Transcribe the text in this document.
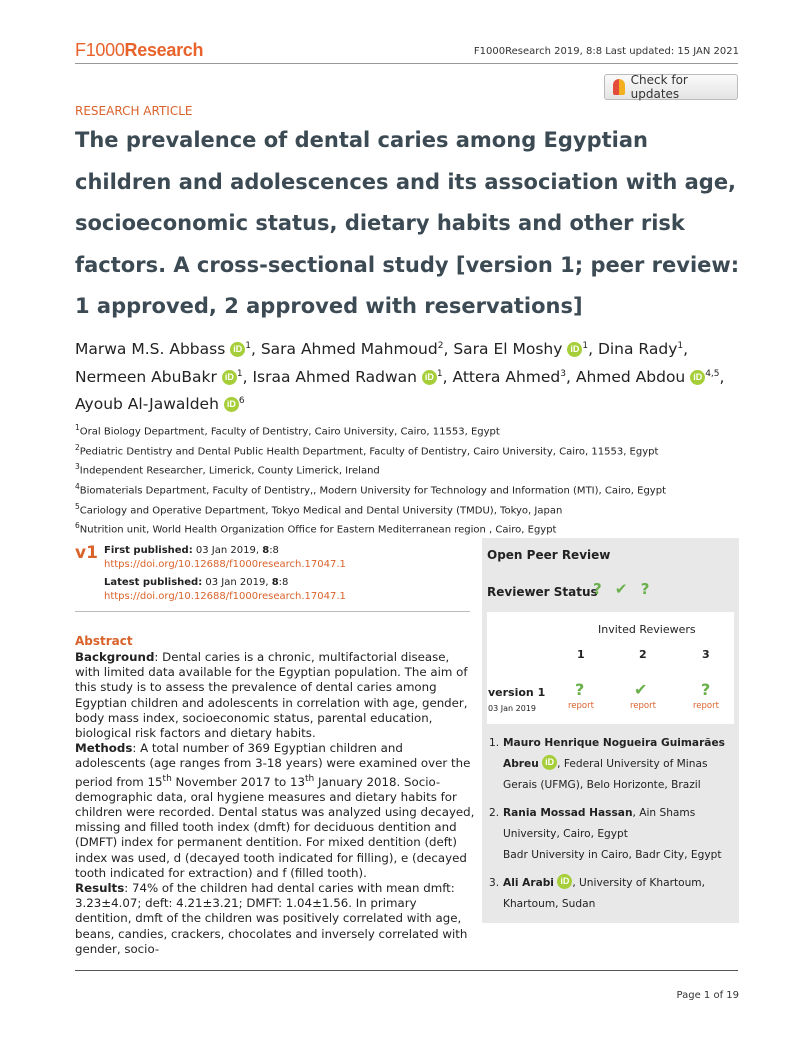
F1000Research	F1000Research 2019, 8:8 Last updated: 15 JAN 2021
Check for updates
RESEARCH ARTICLE
The prevalence of dental caries among Egyptian children and adolescences and its association with age, socioeconomic status, dietary habits and other risk factors. A cross-sectional study [version 1; peer review: 1 approved, 2 approved with reservations]
Marwa M.S. Abbass iD $^1$, Sara Ahmed Mahmoud$^2$, Sara El Moshy iD $^1$, Dina Rady$^1$, Nermeen AbuBakr iD $^1$, Israa Ahmed Radwan iD $^1$, Attera Ahmed$^3$, Ahmed Abdou iD $^{4,5}$, Ayoub Al-Jawaldeh iD $^6$
$^1$Oral Biology Department, Faculty of Dentistry, Cairo University, Cairo, 11553, Egypt
$^2$Pediatric Dentistry and Dental Public Health Department, Faculty of Dentistry, Cairo University, Cairo, 11553, Egypt
$^3$Independent Researcher, Limerick, County Limerick, Ireland
$^4$Biomaterials Department, Faculty of Dentistry,, Modern University for Technology and Information (MTI), Cairo, Egypt
$^5$Cariology and Operative Department, Tokyo Medical and Dental University (TMDU), Tokyo, Japan
$^6$Nutrition unit, World Health Organization Office for Eastern Mediterranean region , Cairo, Egypt
v1 First published: 03 Jan 2019, 8:8
https://doi.org/10.12688/f1000research.17047.1
Latest published: 03 Jan 2019, 8:8
https://doi.org/10.12688/f1000research.17047.1
Abstract

Background: Dental caries is a chronic, multifactorial disease, with limited data available for the Egyptian population. The aim of this study is to assess the prevalence of dental caries among Egyptian children and adolescents in correlation with age, gender, body mass index, socioeconomic status, parental education, biological risk factors and dietary habits.

Methods: A total number of 369 Egyptian children and adolescents (age ranges from 3-18 years) were examined over the period from 15th November 2017 to 13th January 2018. Socio-demographic data, oral hygiene measures and dietary habits for children were recorded. Dental status was analyzed using decayed, missing and filled tooth index (dmft) for deciduous dentition and (DMFT) index for permanent dentition. For mixed dentition (deft) index was used, d (decayed tooth indicated for filling), e (decayed tooth indicated for extraction) and f (filled tooth).

Results: 74% of the children had dental caries with mean dmft: 3.23±4.07; deft: 4.21±3.21; DMFT: 1.04±1.56. In primary dentition, dmft of the children was positively correlated with age, beans, candies, crackers, chocolates and inversely correlated with gender, socio-

Open Peer Review
Reviewer Status
? ✔ ?
Invited Reviewers
1	2	3
version 1
03 Jan 2019
?	✔	?
report	report	report
1. Mauro Henrique Nogueira Guimarães Abreu iD , Federal University of Minas Gerais (UFMG), Belo Horizonte, Brazil
2. Rania Mossad Hassan, Ain Shams University, Cairo, Egypt
Badr University in Cairo, Badr City, Egypt
3. Ali Arabi iD , University of Khartoum, Khartoum, Sudan
Page 1 of 19
